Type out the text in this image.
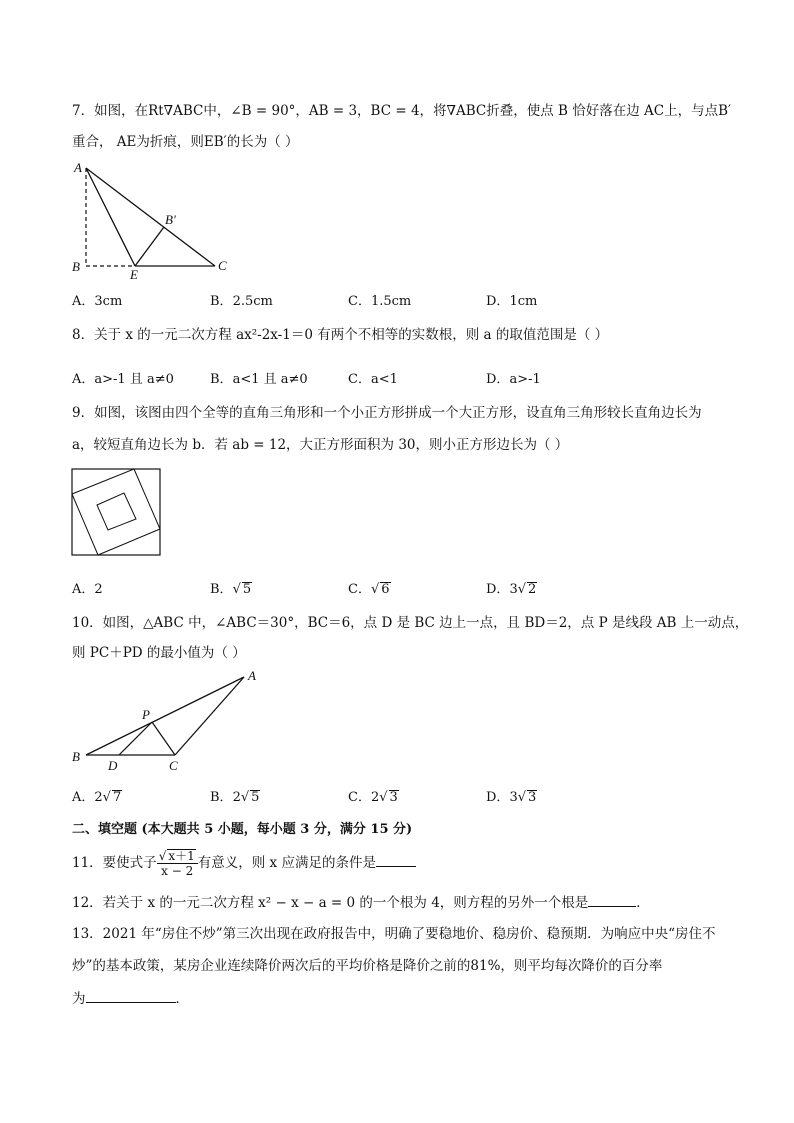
7．如图，在Rt∇ABC中，∠B = 90°，AB = 3，BC = 4，将∇ABC折叠，使点 B 恰好落在边 AC上，与点B′
重合， AE为折痕，则EB′的长为（ ）
A
B	C
E
B′
A．3cm	B．2.5cm	C．1.5cm	D．1cm
8．关于 x 的一元二次方程 ax²-2x-1＝0 有两个不相等的实数根，则 a 的取值范围是（ ）
A．a>-1 且 a≠0	B．a<1 且 a≠0	C．a<1	D．a>-1
9．如图，该图由四个全等的直角三角形和一个小正方形拼成一个大正方形，设直角三角形较长直角边长为
a，较短直角边长为 b．若 ab = 12，大正方形面积为 30，则小正方形边长为（ ）
A．2	B．√ 5	C．√ 6	D．3√ 2
10．如图，△ABC 中，∠ABC＝30°，BC＝6，点 D 是 BC 边上一点，且 BD＝2，点 P 是线段 AB 上一动点，
则 PC＋PD 的最小值为（ ）
A
B
C
D
P
A．2√ 7	B．2√ 5	C．2√ 3	D．3√ 3
二、填空题 (本大题共 5 小题，每小题 3 分，满分 15 分)
11．要使式子 $\frac{√ x+1}{x - 2}$ 有意义，则 x 应满足的条件是
12．若关于 x 的一元二次方程 x² − x − a = 0 的一个根为 4，则方程的另外一个根是	．
13．2021 年“房住不炒”第三次出现在政府报告中，明确了要稳地价、稳房价、稳预期．为响应中央“房住不
炒”的基本政策，某房企业连续降价两次后的平均价格是降价之前的81%，则平均每次降价的百分率
为	．
